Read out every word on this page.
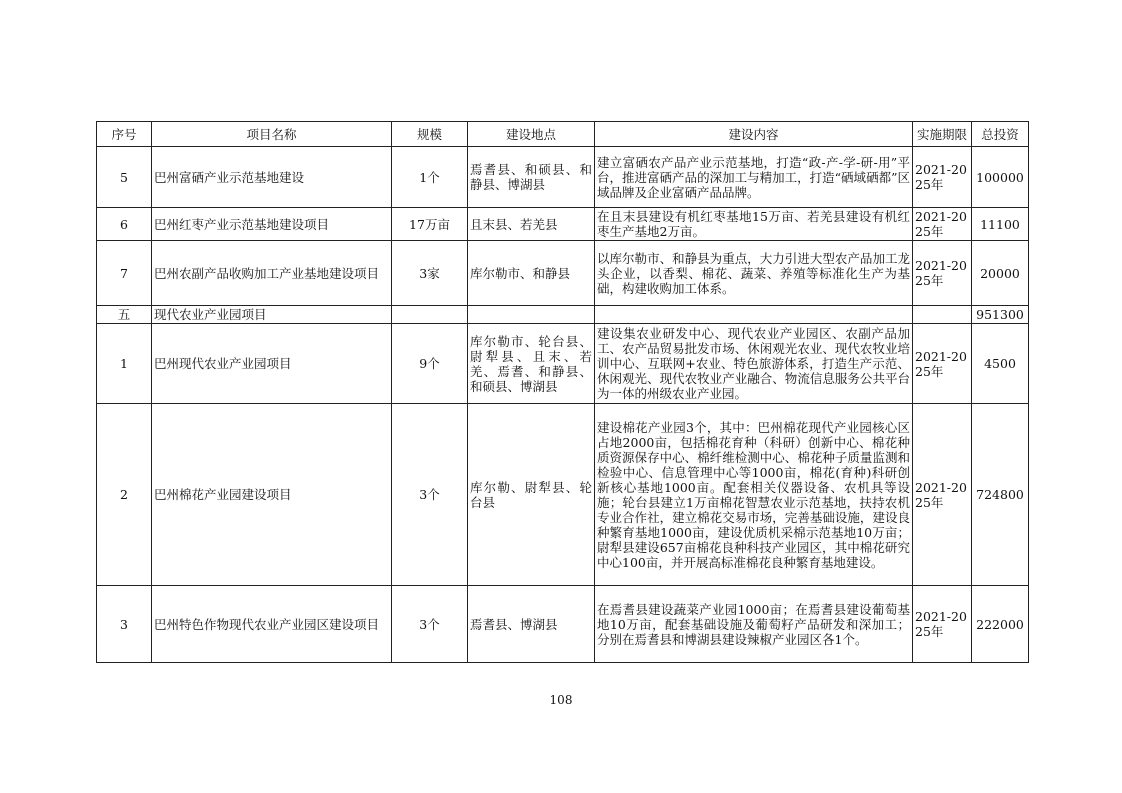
序号	项目名称	规模	建设地点	建设内容	实施期限	总投资
5	巴州富硒产业示范基地建设	1个	焉耆县、和硕县、和静县、博湖县	建立富硒农产品产业示范基地，打造“政-产-学-研-用”平台，推进富硒产品的深加工与精加工，打造“硒域硒都”区域品牌及企业富硒产品品牌。	2021-2025年	100000
6	巴州红枣产业示范基地建设项目	17万亩	且末县、若羌县	在且末县建设有机红枣基地15万亩、若羌县建设有机红枣生产基地2万亩。	2021-2025年	11100
7	巴州农副产品收购加工产业基地建设项目	3家	库尔勒市、和静县	以库尔勒市、和静县为重点，大力引进大型农产品加工龙头企业，以香梨、棉花、蔬菜、养殖等标准化生产为基础，构建收购加工体系。	2021-2025年	20000
五	现代农业产业园项目					951300
1	巴州现代农业产业园项目	9个	库尔勒市、轮台县、尉犁县、且末、若羌、焉耆、和静县、和硕县、博湖县	建设集农业研发中心、现代农业产业园区、农副产品加工、农产品贸易批发市场、休闲观光农业、现代农牧业培训中心、互联网+农业、特色旅游体系，打造生产示范、休闲观光、现代农牧业产业融合、物流信息服务公共平台为一体的州级农业产业园。	2021-2025年	4500
2	巴州棉花产业园建设项目	3个	库尔勒、尉犁县、轮台县	建设棉花产业园3个，其中：巴州棉花现代产业园核心区占地2000亩，包括棉花育种（科研）创新中心、棉花种质资源保存中心、棉纤维检测中心、棉花种子质量监测和检验中心、信息管理中心等1000亩，棉花(育种)科研创新核心基地1000亩。配套相关仪器设备、农机具等设施；轮台县建立1万亩棉花智慧农业示范基地，扶持农机专业合作社，建立棉花交易市场，完善基础设施，建设良种繁育基地1000亩，建设优质机采棉示范基地10万亩；尉犁县建设657亩棉花良种科技产业园区，其中棉花研究中心100亩，并开展高标准棉花良种繁育基地建设。	2021-2025年	724800
3	巴州特色作物现代农业产业园区建设项目	3个	焉耆县、博湖县	在焉耆县建设蔬菜产业园1000亩；在焉耆县建设葡萄基地10万亩，配套基础设施及葡萄籽产品研发和深加工；分别在焉耆县和博湖县建设辣椒产业园区各1个。	2021-2025年	222000
108
